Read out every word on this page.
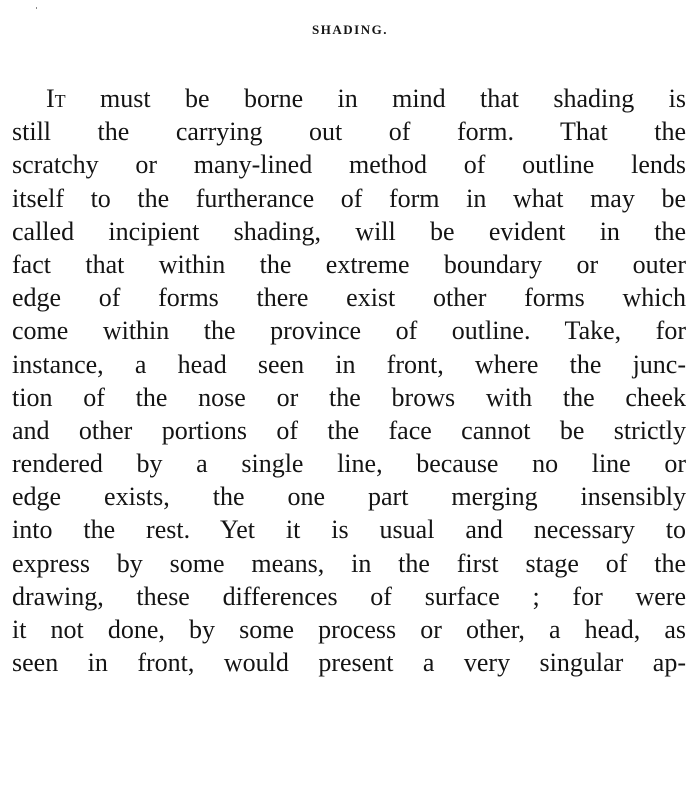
SHADING.
It must be borne in mind that shading is
still the carrying out of form. That the
scratchy or many-lined method of outline lends
itself to the furtherance of form in what may be
called incipient shading, will be evident in the
fact that within the extreme boundary or outer
edge of forms there exist other forms which
come within the province of outline. Take, for
instance, a head seen in front, where the junc-
tion of the nose or the brows with the cheek
and other portions of the face cannot be strictly
rendered by a single line, because no line or
edge exists, the one part merging insensibly
into the rest. Yet it is usual and necessary to
express by some means, in the first stage of the
drawing, these differences of surface ; for were
it not done, by some process or other, a head, as
seen in front, would present a very singular ap-
